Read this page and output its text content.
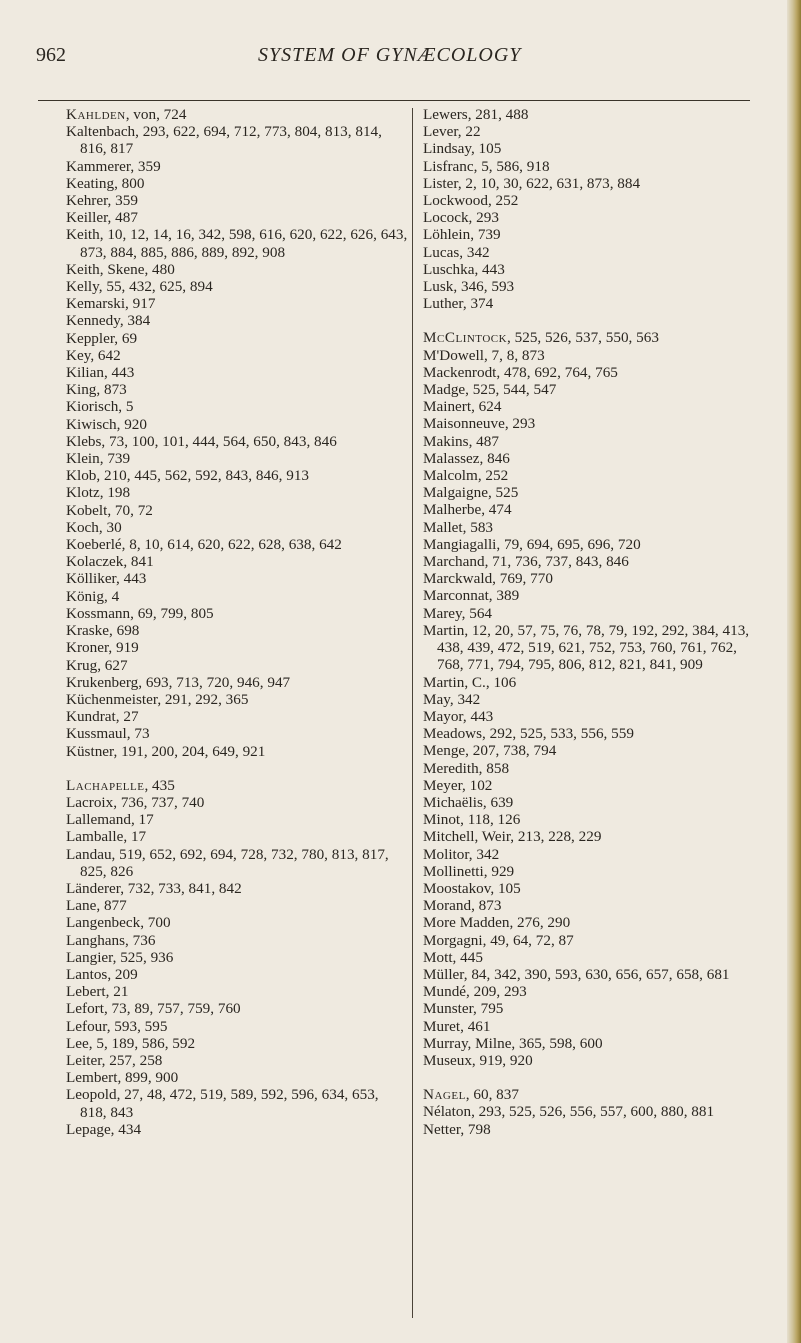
962	SYSTEM OF GYNÆCOLOGY
Kahlden, von, 724
Kaltenbach, 293, 622, 694, 712, 773, 804, 813, 814, 816, 817
Kammerer, 359
Keating, 800
Kehrer, 359
Keiller, 487
Keith, 10, 12, 14, 16, 342, 598, 616, 620, 622, 626, 643, 873, 884, 885, 886, 889, 892, 908
Keith, Skene, 480
Kelly, 55, 432, 625, 894
Kemarski, 917
Kennedy, 384
Keppler, 69
Key, 642
Kilian, 443
King, 873
Kiorisch, 5
Kiwisch, 920
Klebs, 73, 100, 101, 444, 564, 650, 843, 846
Klein, 739
Klob, 210, 445, 562, 592, 843, 846, 913
Klotz, 198
Kobelt, 70, 72
Koch, 30
Koeberlé, 8, 10, 614, 620, 622, 628, 638, 642
Kolaczek, 841
Kölliker, 443
König, 4
Kossmann, 69, 799, 805
Kraske, 698
Kroner, 919
Krug, 627
Krukenberg, 693, 713, 720, 946, 947
Küchenmeister, 291, 292, 365
Kundrat, 27
Kussmaul, 73
Küstner, 191, 200, 204, 649, 921
Lachapelle, 435
Lacroix, 736, 737, 740
Lallemand, 17
Lamballe, 17
Landau, 519, 652, 692, 694, 728, 732, 780, 813, 817, 825, 826
Länderer, 732, 733, 841, 842
Lane, 877
Langenbeck, 700
Langhans, 736
Langier, 525, 936
Lantos, 209
Lebert, 21
Lefort, 73, 89, 757, 759, 760
Lefour, 593, 595
Lee, 5, 189, 586, 592
Leiter, 257, 258
Lembert, 899, 900
Leopold, 27, 48, 472, 519, 589, 592, 596, 634, 653, 818, 843
Lepage, 434
Lewers, 281, 488
Lever, 22
Lindsay, 105
Lisfranc, 5, 586, 918
Lister, 2, 10, 30, 622, 631, 873, 884
Lockwood, 252
Locock, 293
Löhlein, 739
Lucas, 342
Luschka, 443
Lusk, 346, 593
Luther, 374
McClintock, 525, 526, 537, 550, 563
M'Dowell, 7, 8, 873
Mackenrodt, 478, 692, 764, 765
Madge, 525, 544, 547
Mainert, 624
Maisonneuve, 293
Makins, 487
Malassez, 846
Malcolm, 252
Malgaigne, 525
Malherbe, 474
Mallet, 583
Mangiagalli, 79, 694, 695, 696, 720
Marchand, 71, 736, 737, 843, 846
Marckwald, 769, 770
Marconnat, 389
Marey, 564
Martin, 12, 20, 57, 75, 76, 78, 79, 192, 292, 384, 413, 438, 439, 472, 519, 621, 752, 753, 760, 761, 762, 768, 771, 794, 795, 806, 812, 821, 841, 909
Martin, C., 106
May, 342
Mayor, 443
Meadows, 292, 525, 533, 556, 559
Menge, 207, 738, 794
Meredith, 858
Meyer, 102
Michaëlis, 639
Minot, 118, 126
Mitchell, Weir, 213, 228, 229
Molitor, 342
Mollinetti, 929
Moostakov, 105
Morand, 873
More Madden, 276, 290
Morgagni, 49, 64, 72, 87
Mott, 445
Müller, 84, 342, 390, 593, 630, 656, 657, 658, 681
Mundé, 209, 293
Munster, 795
Muret, 461
Murray, Milne, 365, 598, 600
Museux, 919, 920
Nagel, 60, 837
Nélaton, 293, 525, 526, 556, 557, 600, 880, 881
Netter, 798
